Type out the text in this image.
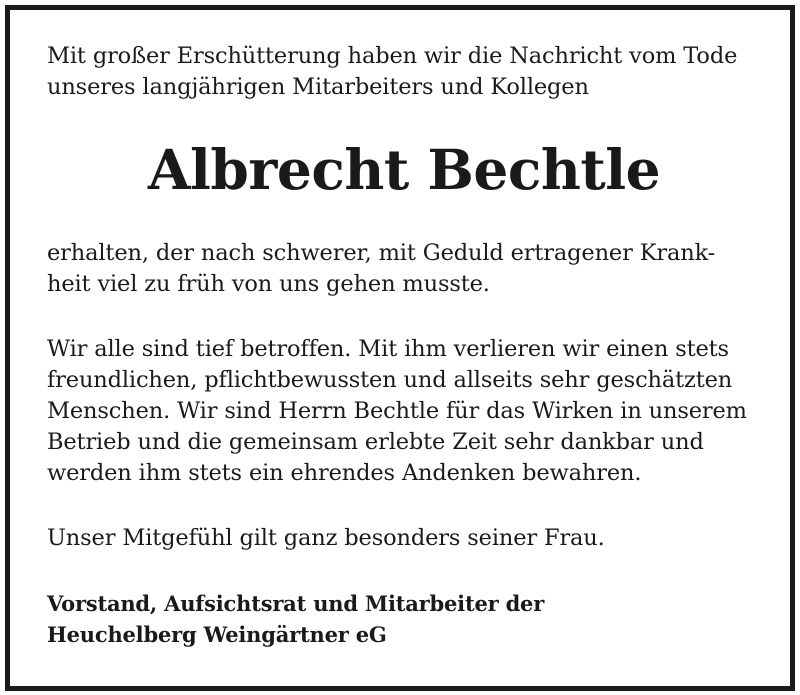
Mit großer Erschütterung haben wir die Nachricht vom Tode
unseres langjährigen Mitarbeiters und Kollegen

Albrecht Bechtle

erhalten, der nach schwerer, mit Geduld ertragener Krank-
heit viel zu früh von uns gehen musste.

Wir alle sind tief betroffen. Mit ihm verlieren wir einen stets
freundlichen, pflichtbewussten und allseits sehr geschätzten
Menschen. Wir sind Herrn Bechtle für das Wirken in unserem
Betrieb und die gemeinsam erlebte Zeit sehr dankbar und
werden ihm stets ein ehrendes Andenken bewahren.

Unser Mitgefühl gilt ganz besonders seiner Frau.

Vorstand, Aufsichtsrat und Mitarbeiter der
Heuchelberg Weingärtner eG
